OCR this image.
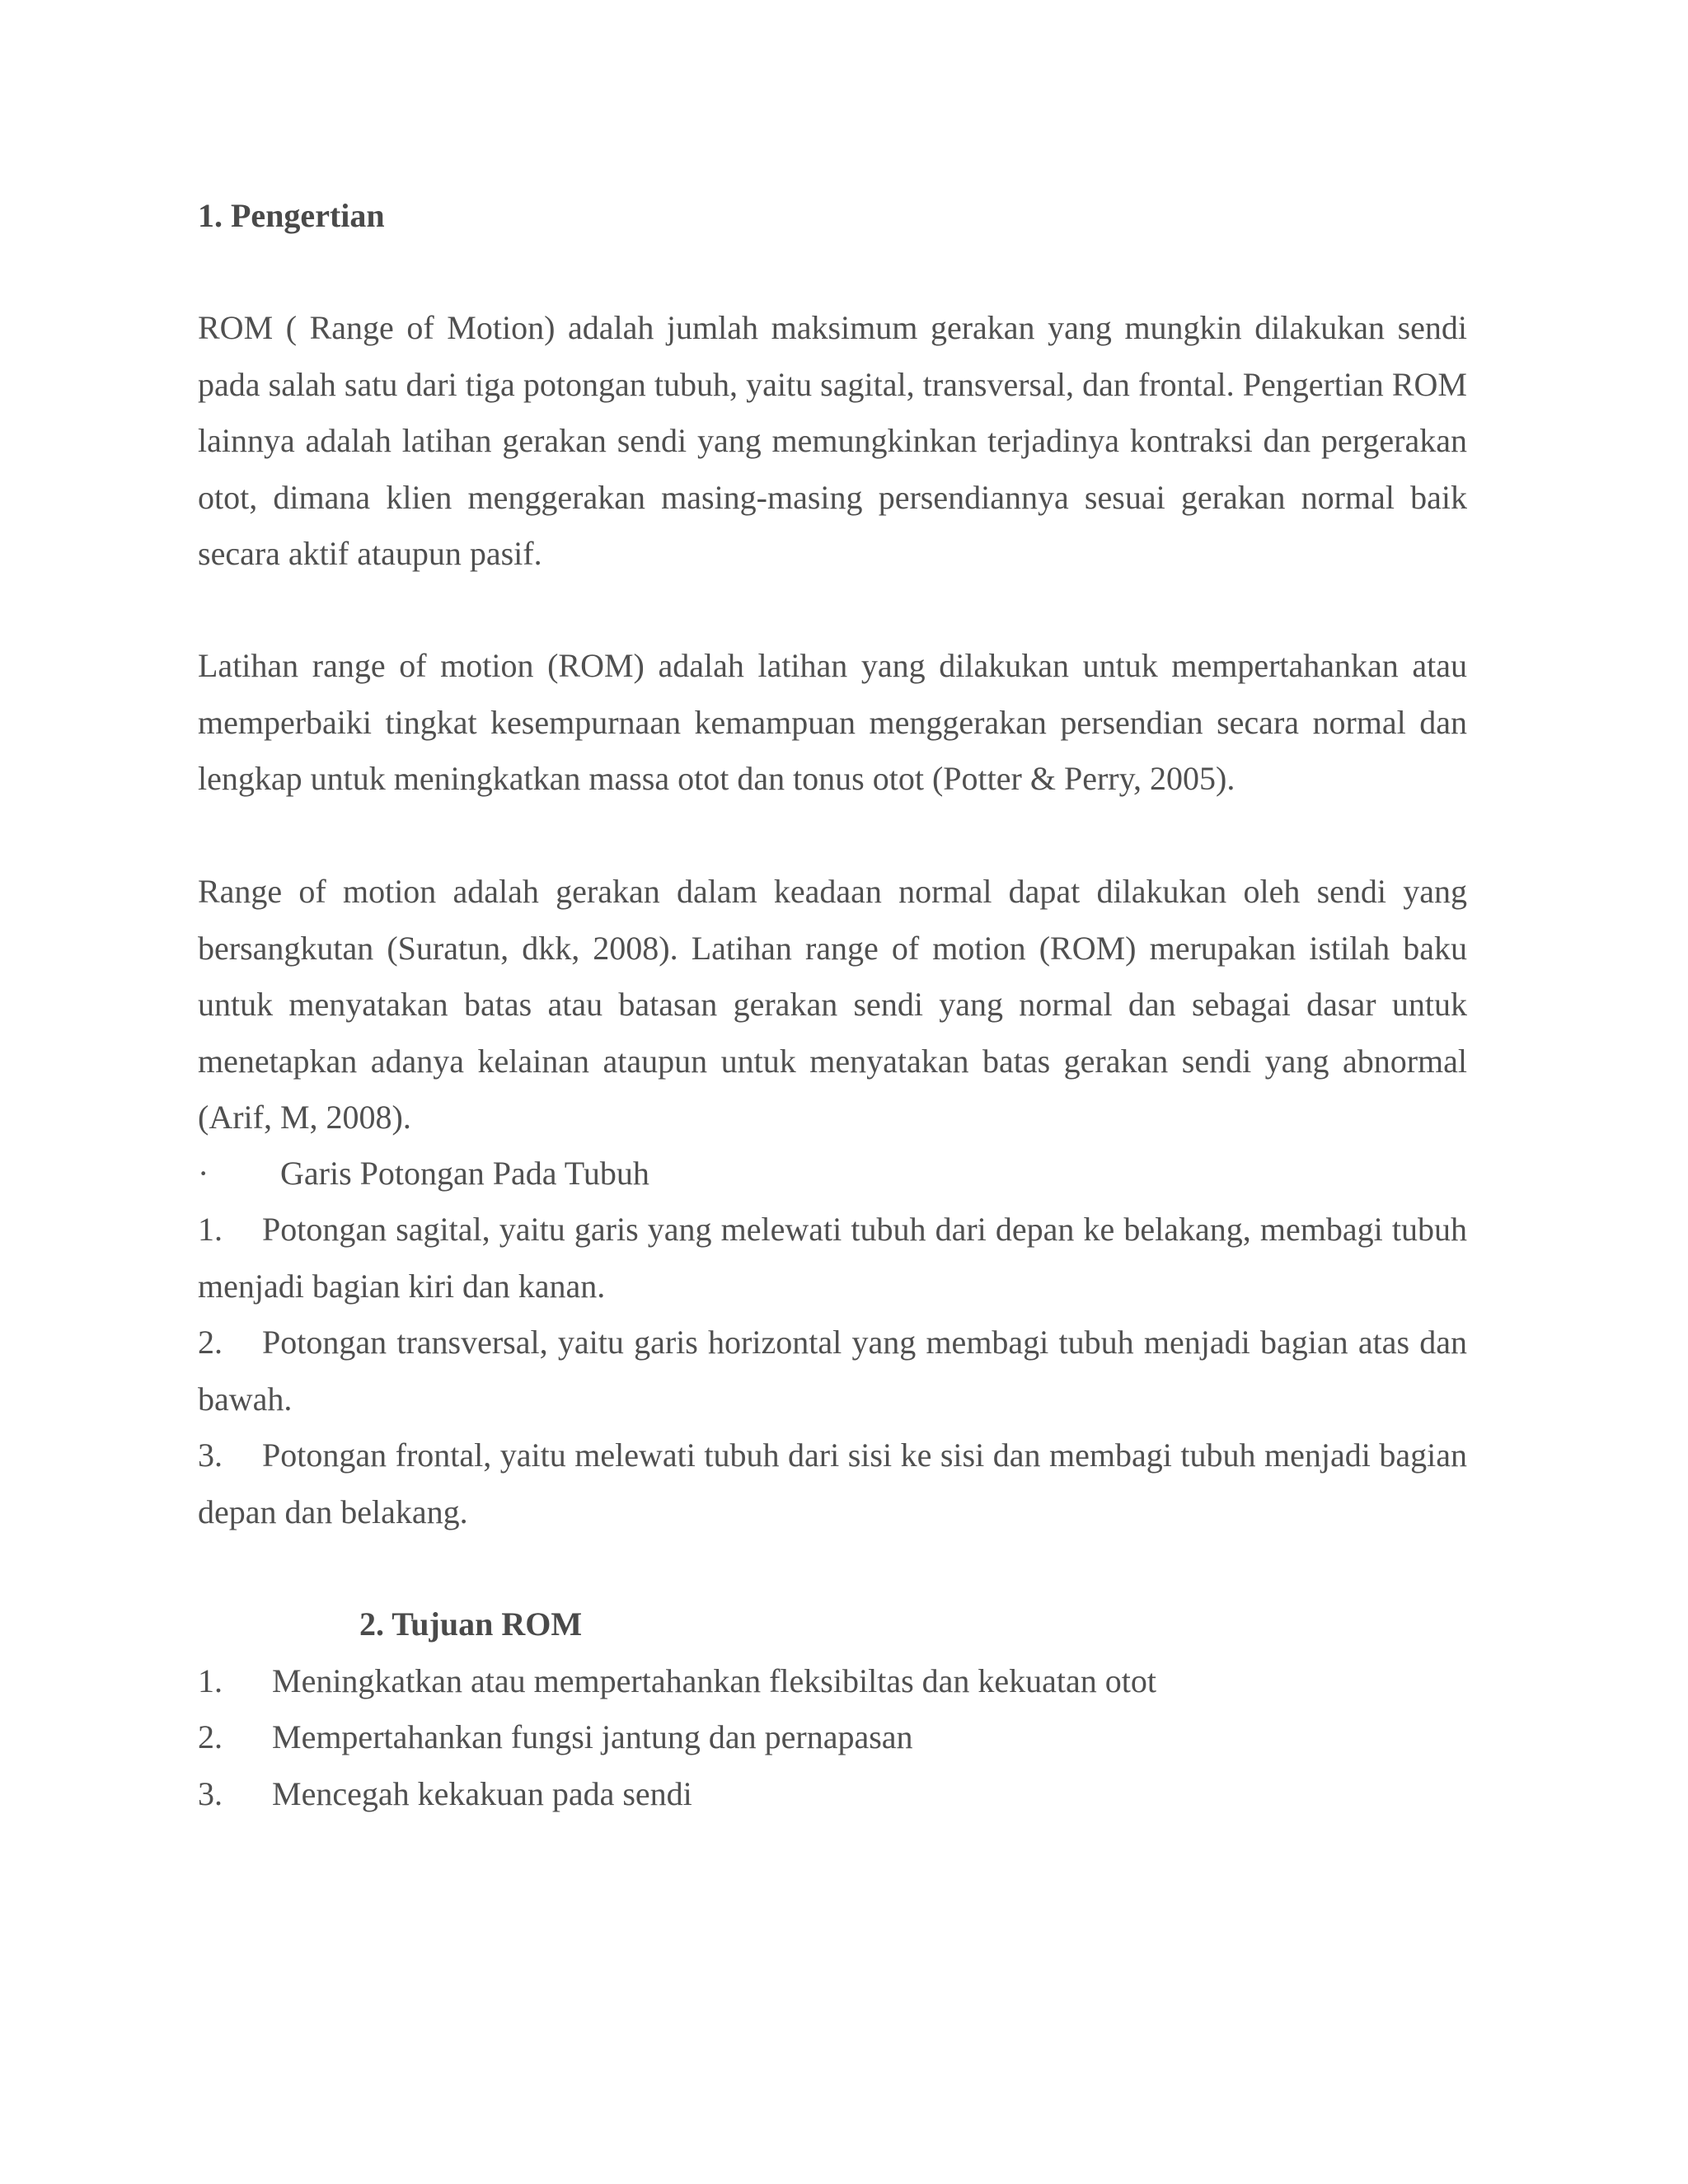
1. Pengertian
ROM ( Range of Motion) adalah jumlah maksimum gerakan yang mungkin dilakukan sendi pada salah satu dari tiga potongan tubuh, yaitu sagital, transversal, dan frontal. Pengertian ROM lainnya adalah latihan gerakan sendi yang memungkinkan terjadinya kontraksi dan pergerakan otot, dimana klien menggerakan masing-masing persendiannya sesuai gerakan normal baik secara aktif ataupun pasif.
Latihan range of motion (ROM) adalah latihan yang dilakukan untuk mempertahankan atau memperbaiki tingkat kesempurnaan kemampuan menggerakan persendian secara normal dan lengkap untuk meningkatkan massa otot dan tonus otot (Potter & Perry, 2005).
Range of motion adalah gerakan dalam keadaan normal dapat dilakukan oleh sendi yang bersangkutan (Suratun, dkk, 2008). Latihan range of motion (ROM) merupakan istilah baku untuk menyatakan batas atau batasan gerakan sendi yang normal dan sebagai dasar untuk menetapkan adanya kelainan ataupun untuk menyatakan batas gerakan sendi yang abnormal (Arif, M, 2008).
· Garis Potongan Pada Tubuh
1. Potongan sagital, yaitu garis yang melewati tubuh dari depan ke belakang, membagi tubuh menjadi bagian kiri dan kanan.
2. Potongan transversal, yaitu garis horizontal yang membagi tubuh menjadi bagian atas dan bawah.
3. Potongan frontal, yaitu melewati tubuh dari sisi ke sisi dan membagi tubuh menjadi bagian depan dan belakang.
2. Tujuan ROM
1. Meningkatkan atau mempertahankan fleksibiltas dan kekuatan otot
2. Mempertahankan fungsi jantung dan pernapasan
3. Mencegah kekakuan pada sendi
